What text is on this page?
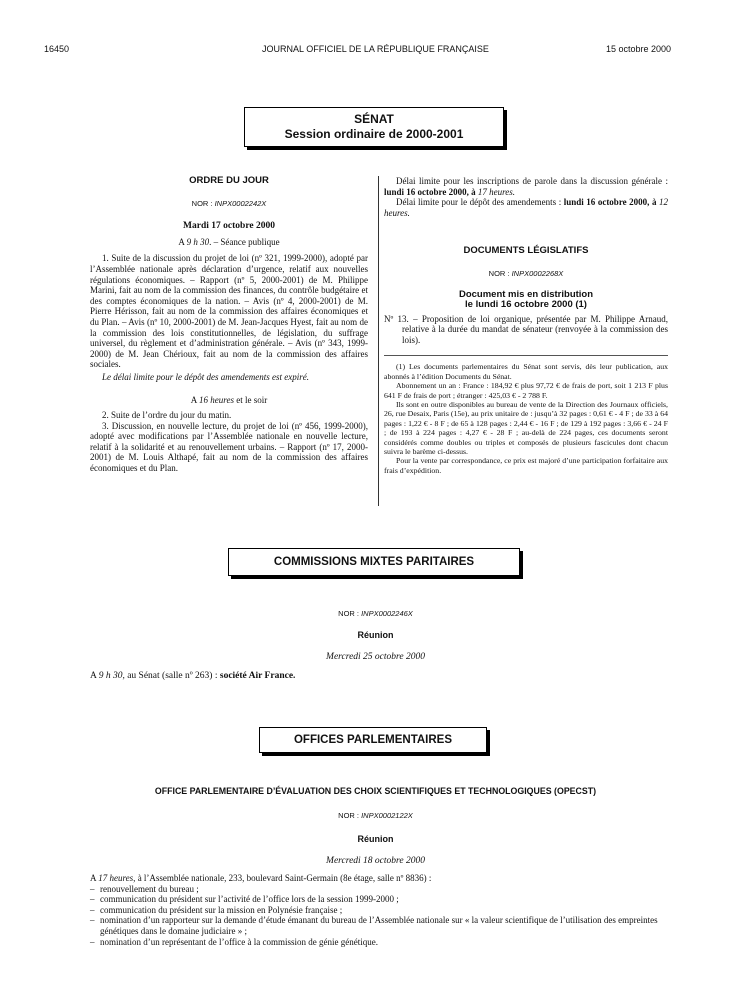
16450	JOURNAL OFFICIEL DE LA RÉPUBLIQUE FRANÇAISE	15 octobre 2000
SÉNAT
Session ordinaire de 2000-2001
ORDRE DU JOUR
NOR : INPX0002242X
Mardi 17 octobre 2000
A 9 h 30. – Séance publique

1. Suite de la discussion du projet de loi (nº 321, 1999-2000), adopté par l’Assemblée nationale après déclaration d’urgence, relatif aux nouvelles régulations économiques. – Rapport (nº 5, 2000-2001) de M. Philippe Marini, fait au nom de la commission des finances, du contrôle budgétaire et des comptes économiques de la nation. – Avis (nº 4, 2000-2001) de M. Pierre Hérisson, fait au nom de la commission des affaires économiques et du Plan. – Avis (nº 10, 2000-2001) de M. Jean-Jacques Hyest, fait au nom de la commission des lois constitutionnelles, de législation, du suffrage universel, du règlement et d’administration générale. – Avis (nº 343, 1999-2000) de M. Jean Chérioux, fait au nom de la commission des affaires sociales.

Le délai limite pour le dépôt des amendements est expiré.

A 16 heures et le soir

2. Suite de l’ordre du jour du matin.

3. Discussion, en nouvelle lecture, du projet de loi (nº 456, 1999-2000), adopté avec modifications par l’Assemblée nationale en nouvelle lecture, relatif à la solidarité et au renouvellement urbains. – Rapport (nº 17, 2000-2001) de M. Louis Althapé, fait au nom de la commission des affaires économiques et du Plan.

Délai limite pour les inscriptions de parole dans la discussion générale : lundi 16 octobre 2000, à 17 heures.

Délai limite pour le dépôt des amendements : lundi 16 octobre 2000, à 12 heures.

DOCUMENTS LÉGISLATIFS
NOR : INPX0002268X
Document mis en distribution
le lundi 16 octobre 2000 (1)
Nº 13. – Proposition de loi organique, présentée par M. Philippe Arnaud, relative à la durée du mandat de sénateur (renvoyée à la commission des lois).

(1) Les documents parlementaires du Sénat sont servis, dès leur publication, aux abonnés à l’édition Documents du Sénat.

Abonnement un an : France : 184,92 € plus 97,72 € de frais de port, soit 1 213 F plus 641 F de frais de port ; étranger : 425,03 € - 2 788 F.

Ils sont en outre disponibles au bureau de vente de la Direction des Journaux officiels, 26, rue Desaix, Paris (15e), au prix unitaire de : jusqu’à 32 pages : 0,61 € - 4 F ; de 33 à 64 pages : 1,22 € - 8 F ; de 65 à 128 pages : 2,44 € - 16 F ; de 129 à 192 pages : 3,66 € - 24 F ; de 193 à 224 pages : 4,27 € - 28 F ; au-delà de 224 pages, ces documents seront considérés comme doubles ou triples et composés de plusieurs fascicules dont chacun suivra le barème ci-dessus.

Pour la vente par correspondance, ce prix est majoré d’une participation forfaitaire aux frais d’expédition.

COMMISSIONS MIXTES PARITAIRES
NOR : INPX0002246X
Réunion
Mercredi 25 octobre 2000
A 9 h 30, au Sénat (salle nº 263) : société Air France.
OFFICES PARLEMENTAIRES
OFFICE PARLEMENTAIRE D’ÉVALUATION DES CHOIX SCIENTIFIQUES ET TECHNOLOGIQUES (OPECST)
NOR : INPX0002122X
Réunion
Mercredi 18 octobre 2000
A 17 heures, à l’Assemblée nationale, 233, boulevard Saint-Germain (8e étage, salle nº 8836) :
– renouvellement du bureau ;
– communication du président sur l’activité de l’office lors de la session 1999-2000 ;
– communication du président sur la mission en Polynésie française ;
– nomination d’un rapporteur sur la demande d’étude émanant du bureau de l’Assemblée nationale sur « la valeur scientifique de l’utilisation des empreintes génétiques dans le domaine judiciaire » ;
– nomination d’un représentant de l’office à la commission de génie génétique.
